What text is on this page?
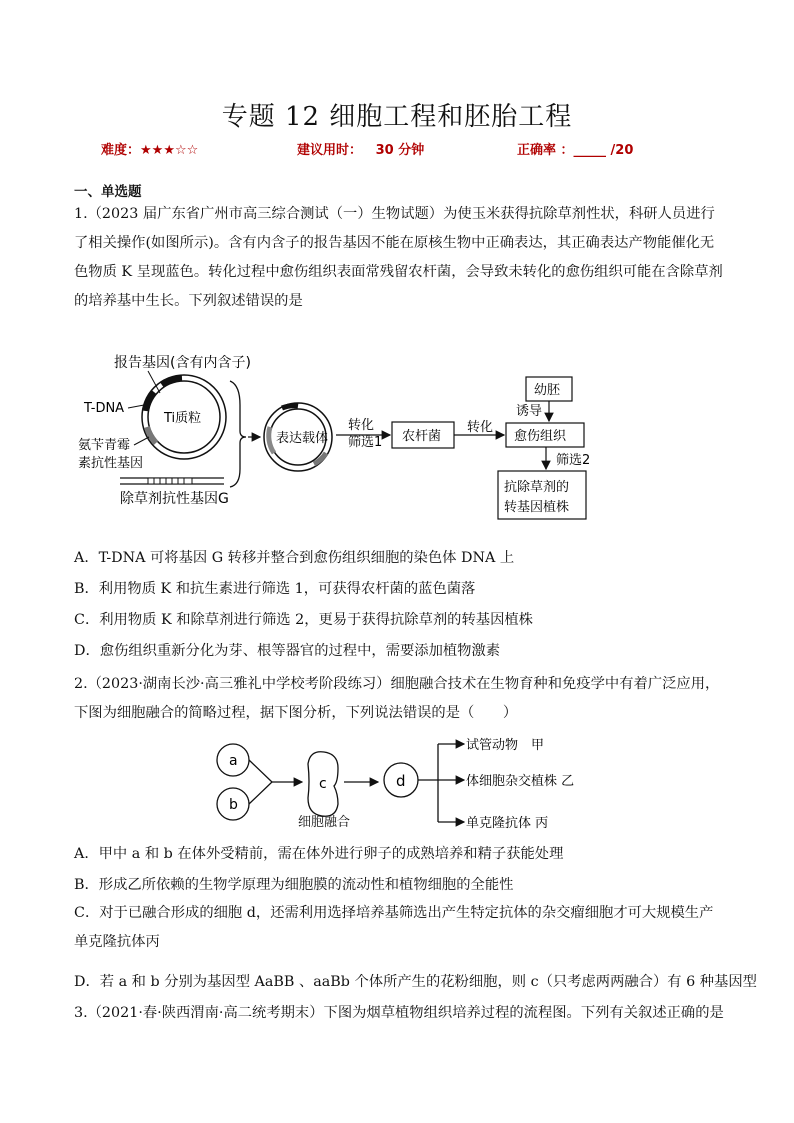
专题 12 细胞工程和胚胎工程
难度：★★★☆☆	建议用时： 30 分钟	正确率 ：_____ /20
一、单选题
1.（2023 届广东省广州市高三综合测试（一）生物试题）为使玉米获得抗除草剂性状，科研人员进行了相关操作(如图所示)。含有内含子的报告基因不能在原核生物中正确表达，其正确表达产物能催化无色物质 K 呈现蓝色。转化过程中愈伤组织表面常残留农杆菌，会导致未转化的愈伤组织可能在含除草剂的培养基中生长。下列叙述错误的是
报告基因(含有内含子)
Ti质粒
T-DNA
氨苄青霉
素抗性基因
除草剂抗性基因G
表达载体
转化
筛选1 农杆菌
转化
幼胚
诱导
愈伤组织
筛选2
抗除草剂的
转基因植株
A．T-DNA 可将基因 G 转移并整合到愈伤组织细胞的染色体 DNA 上
B．利用物质 K 和抗生素进行筛选 1，可获得农杆菌的蓝色菌落
C．利用物质 K 和除草剂进行筛选 2，更易于获得抗除草剂的转基因植株
D．愈伤组织重新分化为芽、根等器官的过程中，需要添加植物激素
2.（2023·湖南长沙·高三雅礼中学校考阶段练习）细胞融合技术在生物育种和免疫学中有着广泛应用，下图为细胞融合的简略过程，据下图分析，下列说法错误的是（　　）
a
b
c	d
试管动物　甲
体细胞杂交植株 乙
单克隆抗体 丙
细胞融合
A．甲中 a 和 b 在体外受精前，需在体外进行卵子的成熟培养和精子获能处理
B．形成乙所依赖的生物学原理为细胞膜的流动性和植物细胞的全能性
C．对于已融合形成的细胞 d，还需利用选择培养基筛选出产生特定抗体的杂交瘤细胞才可大规模生产单克隆抗体丙
D．若 a 和 b 分别为基因型 AaBB 、aaBb 个体所产生的花粉细胞，则 c（只考虑两两融合）有 6 种基因型
3.（2021·春·陕西渭南·高二统考期末）下图为烟草植物组织培养过程的流程图。下列有关叙述正确的是
